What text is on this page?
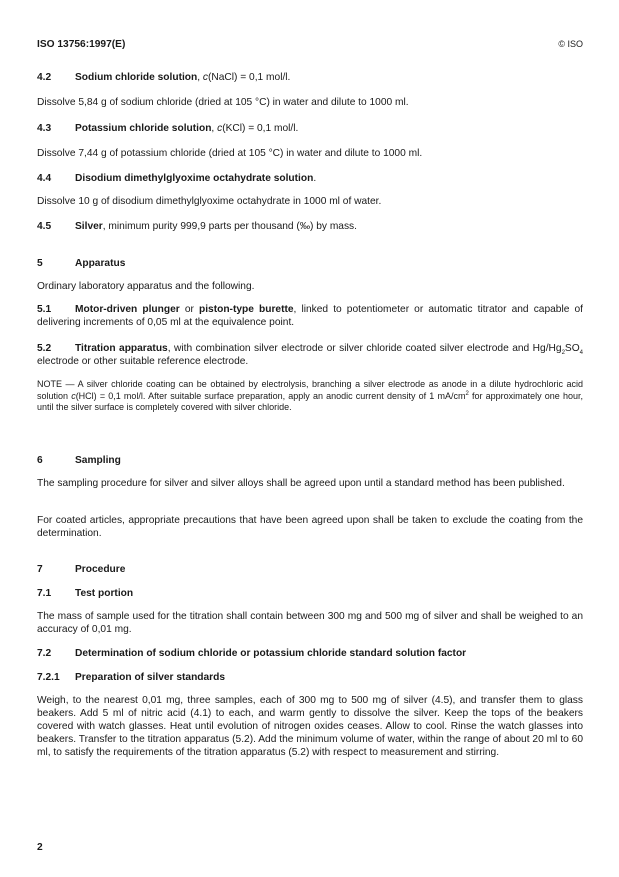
ISO 13756:1997(E)	© ISO
4.2 Sodium chloride solution, c(NaCl) = 0,1 mol/l.
Dissolve 5,84 g of sodium chloride (dried at 105 °C) in water and dilute to 1000 ml.
4.3 Potassium chloride solution, c(KCl) = 0,1 mol/l.
Dissolve 7,44 g of potassium chloride (dried at 105 °C) in water and dilute to 1000 ml.
4.4 Disodium dimethylglyoxime octahydrate solution.
Dissolve 10 g of disodium dimethylglyoxime octahydrate in 1000 ml of water.
4.5 Silver, minimum purity 999,9 parts per thousand (‰) by mass.
5	Apparatus
Ordinary laboratory apparatus and the following.
5.1 Motor-driven plunger or piston-type burette, linked to potentiometer or automatic titrator and capable of delivering increments of 0,05 ml at the equivalence point.
5.2 Titration apparatus, with combination silver electrode or silver chloride coated silver electrode and $Hg/Hg_2SO_4$ electrode or other suitable reference electrode.
NOTE — A silver chloride coating can be obtained by electrolysis, branching a silver electrode as anode in a dilute hydrochloric acid solution c(HCl) = 0,1 mol/l. After suitable surface preparation, apply an anodic current density of 1 $mA/cm^2$ for approximately one hour, until the silver surface is completely covered with silver chloride.
6	Sampling
The sampling procedure for silver and silver alloys shall be agreed upon until a standard method has been published.
For coated articles, appropriate precautions that have been agreed upon shall be taken to exclude the coating from the determination.
7	Procedure
7.1 Test portion
The mass of sample used for the titration shall contain between 300 mg and 500 mg of silver and shall be weighed to an accuracy of 0,01 mg.
7.2 Determination of sodium chloride or potassium chloride standard solution factor
7.2.1 Preparation of silver standards
Weigh, to the nearest 0,01 mg, three samples, each of 300 mg to 500 mg of silver (4.5), and transfer them to glass beakers. Add 5 ml of nitric acid (4.1) to each, and warm gently to dissolve the silver. Keep the tops of the beakers covered with watch glasses. Heat until evolution of nitrogen oxides ceases. Allow to cool. Rinse the watch glasses into beakers. Transfer to the titration apparatus (5.2). Add the minimum volume of water, within the range of about 20 ml to 60 ml, to satisfy the requirements of the titration apparatus (5.2) with respect to measurement and stirring.
2
